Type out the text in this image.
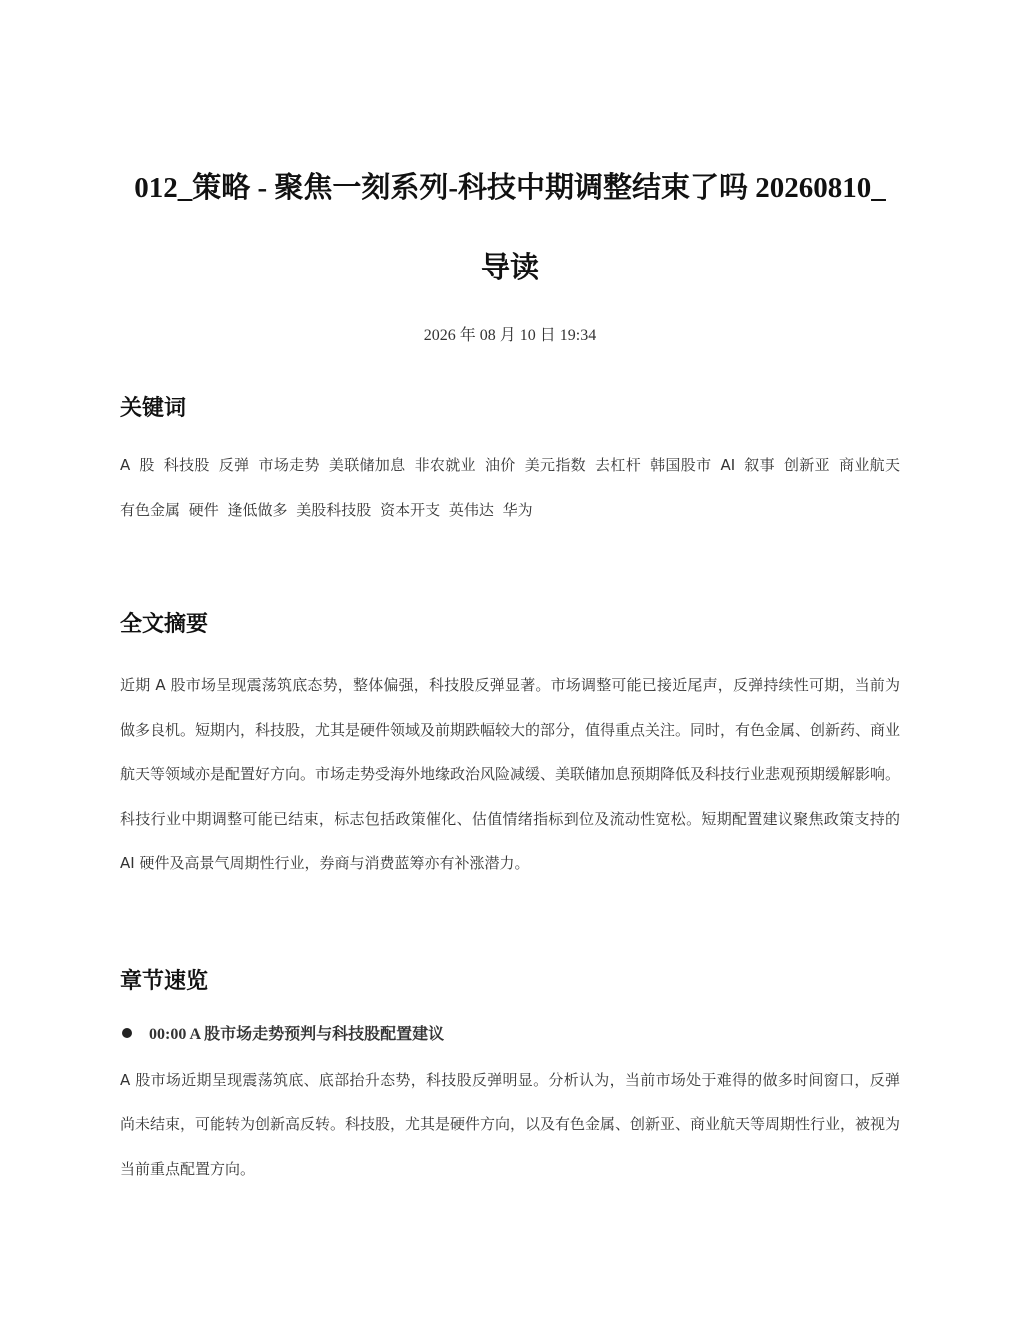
012_策略 - 聚焦一刻系列-科技中期调整结束了吗 20260810_导读
2026 年 08 月 10 日 19:34
关键词

A 股 科技股 反弹 市场走势 美联储加息 非农就业 油价 美元指数 去杠杆 韩国股市 AI 叙事 创新亚 商业航天 有色金属 硬件 逢低做多 美股科技股 资本开支 英伟达 华为

全文摘要

近期 A 股市场呈现震荡筑底态势，整体偏强，科技股反弹显著。市场调整可能已接近尾声，反弹持续性可期，当前为做多良机。短期内，科技股，尤其是硬件领域及前期跌幅较大的部分，值得重点关注。同时，有色金属、创新药、商业航天等领域亦是配置好方向。市场走势受海外地缘政治风险减缓、美联储加息预期降低及科技行业悲观预期缓解影响。科技行业中期调整可能已结束，标志包括政策催化、估值情绪指标到位及流动性宽松。短期配置建议聚焦政策支持的 AI 硬件及高景气周期性行业，券商与消费蓝筹亦有补涨潜力。

章节速览
00:00 A 股市场走势预判与科技股配置建议

A 股市场近期呈现震荡筑底、底部抬升态势，科技股反弹明显。分析认为，当前市场处于难得的做多时间窗口，反弹尚未结束，可能转为创新高反转。科技股，尤其是硬件方向，以及有色金属、创新亚、商业航天等周期性行业，被视为当前重点配置方向。
